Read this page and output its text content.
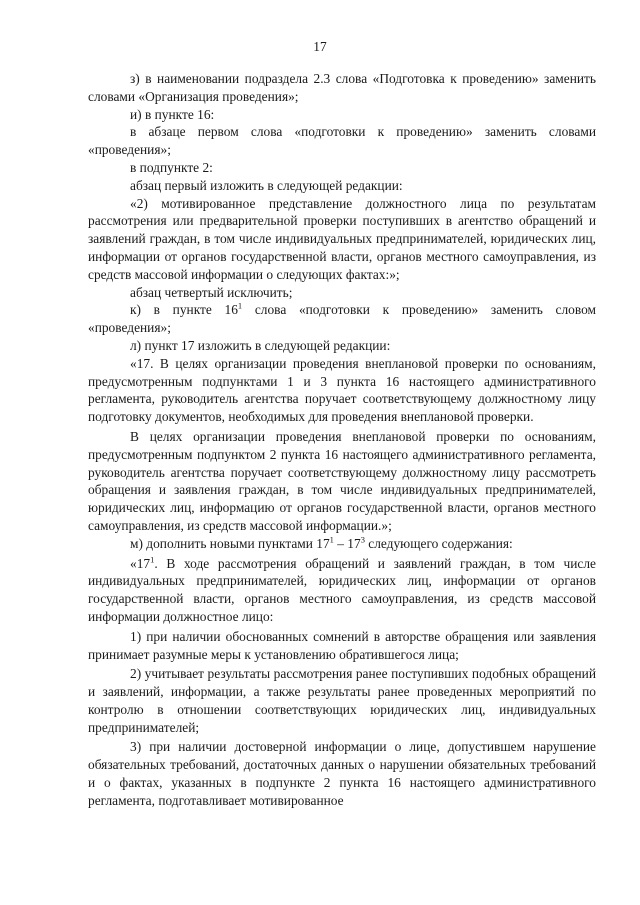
17

з) в наименовании подраздела 2.3 слова «Подготовка к проведению» заменить словами «Организация проведения»;

и) в пункте 16:

в абзаце первом слова «подготовки к проведению» заменить словами «проведения»;

в подпункте 2:

абзац первый изложить в следующей редакции:

«2) мотивированное представление должностного лица по результатам рассмотрения или предварительной проверки поступивших в агентство обращений и заявлений граждан, в том числе индивидуальных предпринимателей, юридических лиц, информации от органов государственной власти, органов местного самоуправления, из средств массовой информации о следующих фактах:»;

абзац четвертый исключить;

к) в пункте $16^1$ слова «подготовки к проведению» заменить словом «проведения»;

л) пункт 17 изложить в следующей редакции:

«17. В целях организации проведения внеплановой проверки по основаниям, предусмотренным подпунктами 1 и 3 пункта 16 настоящего административного регламента, руководитель агентства поручает соответствующему должностному лицу подготовку документов, необходимых для проведения внеплановой проверки.

В целях организации проведения внеплановой проверки по основаниям, предусмотренным подпунктом 2 пункта 16 настоящего административного регламента, руководитель агентства поручает соответствующему должностному лицу рассмотреть обращения и заявления граждан, в том числе индивидуальных предпринимателей, юридических лиц, информацию от органов государственной власти, органов местного самоуправления, из средств массовой информации.»;

м) дополнить новыми пунктами $17^1 - 17^3$ следующего содержания:

«$17^1$. В ходе рассмотрения обращений и заявлений граждан, в том числе индивидуальных предпринимателей, юридических лиц, информации от органов государственной власти, органов местного самоуправления, из средств массовой информации должностное лицо:

1) при наличии обоснованных сомнений в авторстве обращения или заявления принимает разумные меры к установлению обратившегося лица;

2) учитывает результаты рассмотрения ранее поступивших подобных обращений и заявлений, информации, а также результаты ранее проведенных мероприятий по контролю в отношении соответствующих юридических лиц, индивидуальных предпринимателей;

3) при наличии достоверной информации о лице, допустившем нарушение обязательных требований, достаточных данных о нарушении обязательных требований и о фактах, указанных в подпункте 2 пункта 16 настоящего административного регламента, подготавливает мотивированное
